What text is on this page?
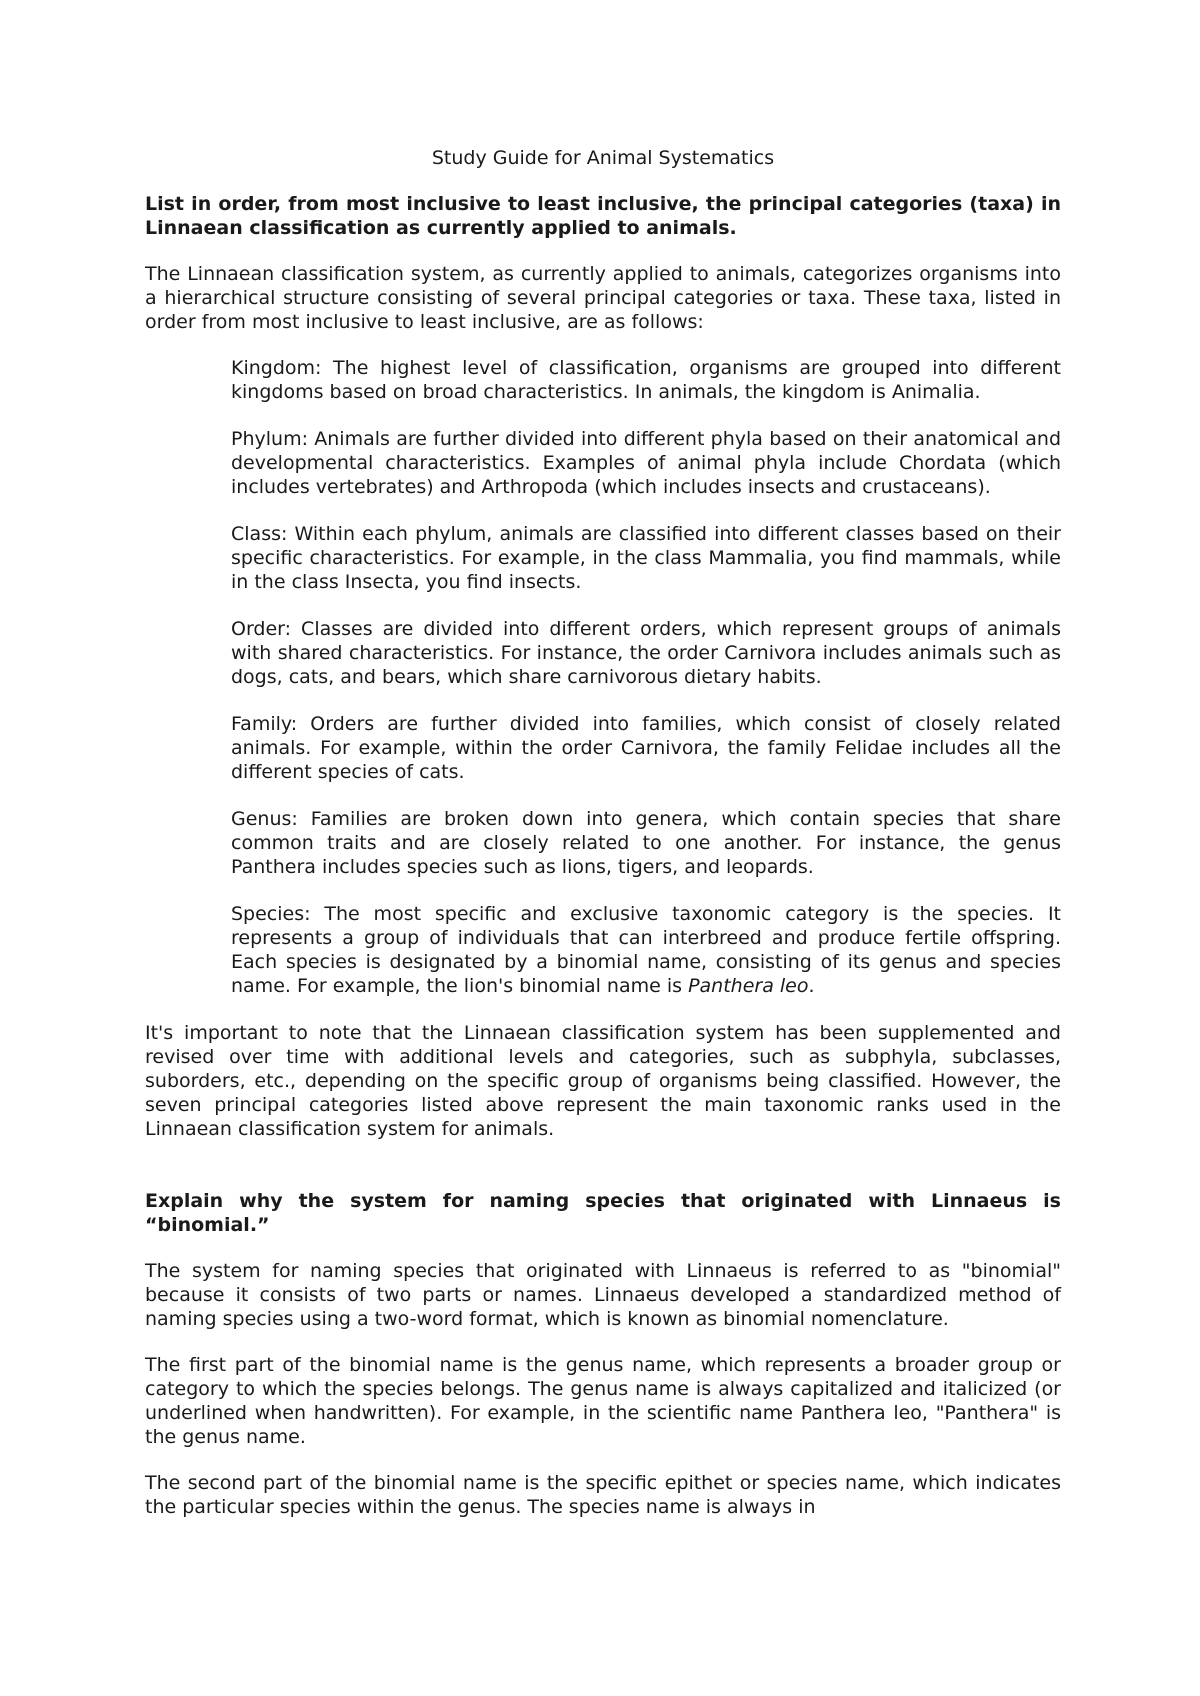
Study Guide for Animal Systematics
List in order, from most inclusive to least inclusive, the principal categories (taxa) in Linnaean classification as currently applied to animals.

The Linnaean classification system, as currently applied to animals, categorizes organisms into a hierarchical structure consisting of several principal categories or taxa. These taxa, listed in order from most inclusive to least inclusive, are as follows:

Kingdom: The highest level of classification, organisms are grouped into different kingdoms based on broad characteristics. In animals, the kingdom is Animalia.

Phylum: Animals are further divided into different phyla based on their anatomical and developmental characteristics. Examples of animal phyla include Chordata (which includes vertebrates) and Arthropoda (which includes insects and crustaceans).

Class: Within each phylum, animals are classified into different classes based on their specific characteristics. For example, in the class Mammalia, you find mammals, while in the class Insecta, you find insects.

Order: Classes are divided into different orders, which represent groups of animals with shared characteristics. For instance, the order Carnivora includes animals such as dogs, cats, and bears, which share carnivorous dietary habits.

Family: Orders are further divided into families, which consist of closely related animals. For example, within the order Carnivora, the family Felidae includes all the different species of cats.

Genus: Families are broken down into genera, which contain species that share common traits and are closely related to one another. For instance, the genus Panthera includes species such as lions, tigers, and leopards.

Species: The most specific and exclusive taxonomic category is the species. It represents a group of individuals that can interbreed and produce fertile offspring. Each species is designated by a binomial name, consisting of its genus and species name. For example, the lion's binomial name is Panthera leo.

It's important to note that the Linnaean classification system has been supplemented and revised over time with additional levels and categories, such as subphyla, subclasses, suborders, etc., depending on the specific group of organisms being classified. However, the seven principal categories listed above represent the main taxonomic ranks used in the Linnaean classification system for animals.

Explain why the system for naming species that originated with Linnaeus is “binomial.”

The system for naming species that originated with Linnaeus is referred to as "binomial" because it consists of two parts or names. Linnaeus developed a standardized method of naming species using a two-word format, which is known as binomial nomenclature.

The first part of the binomial name is the genus name, which represents a broader group or category to which the species belongs. The genus name is always capitalized and italicized (or underlined when handwritten). For example, in the scientific name Panthera leo, "Panthera" is the genus name.

The second part of the binomial name is the specific epithet or species name, which indicates the particular species within the genus. The species name is always in
